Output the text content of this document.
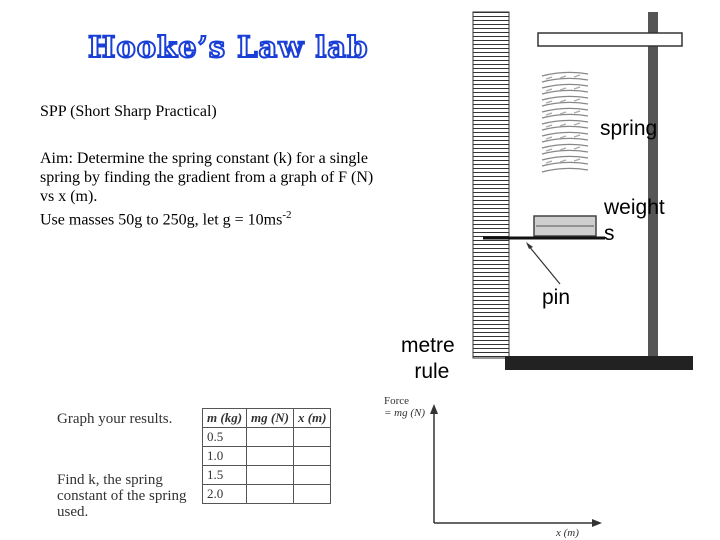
Hooke’s Law lab
SPP (Short Sharp Practical)
Aim: Determine the spring constant (k) for a single
spring by finding the gradient from a graph of F (N)
vs x (m).
Use masses 50g to 250g, let $g = 10ms^{-2}$
spring
weight
s
pin
metre
rule
Graph your results.
Find k, the spring
constant of the spring
used.
m (kg)	mg (N)	x (m)
0.5		
1.0		
1.5		
2.0		
Force
= mg (N)
x (m)
